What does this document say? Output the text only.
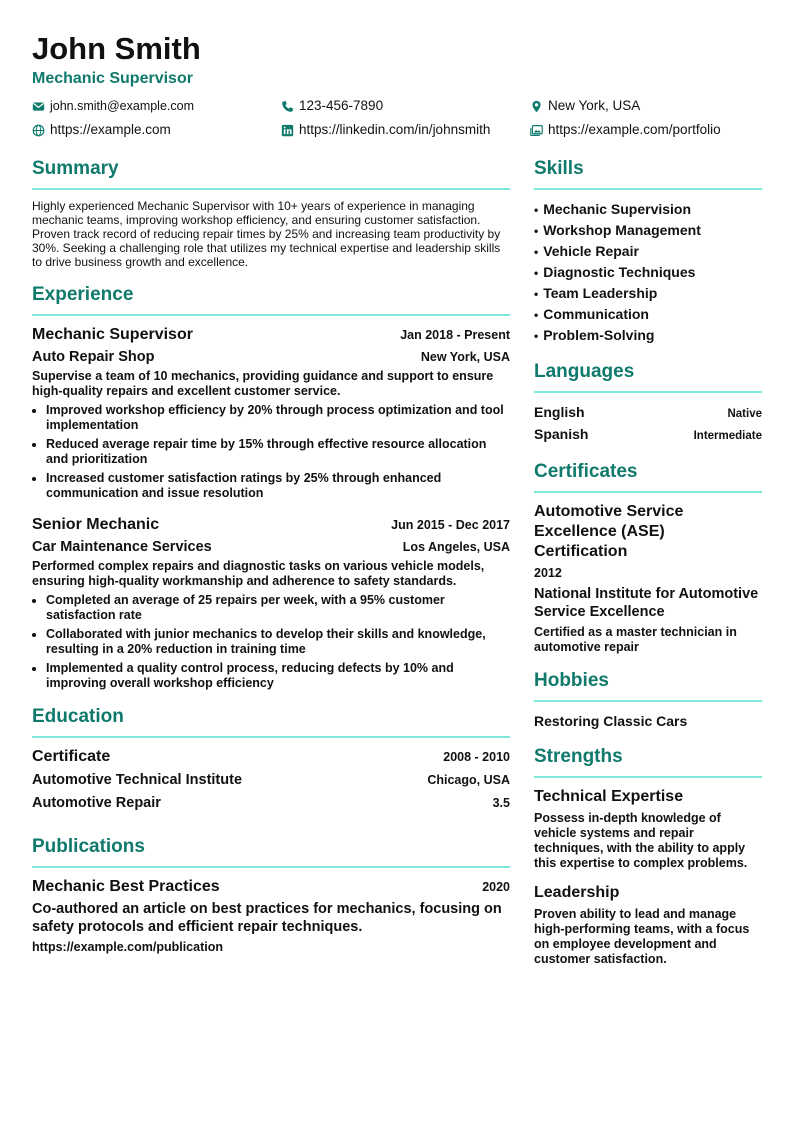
John Smith
Mechanic Supervisor
john.smith@example.com	123-456-7890	New York, USA
https://example.com	https://linkedin.com/in/johnsmith	https://example.com/portfolio
Summary
Highly experienced Mechanic Supervisor with 10+ years of experience in managing mechanic teams, improving workshop efficiency, and ensuring customer satisfaction. Proven track record of reducing repair times by 25% and increasing team productivity by 30%. Seeking a challenging role that utilizes my technical expertise and leadership skills to drive business growth and excellence.
Experience
Mechanic Supervisor	Jan 2018 - Present
Auto Repair Shop	New York, USA
Supervise a team of 10 mechanics, providing guidance and support to ensure high-quality repairs and excellent customer service.
• Improved workshop efficiency by 20% through process optimization and tool implementation
• Reduced average repair time by 15% through effective resource allocation and prioritization
• Increased customer satisfaction ratings by 25% through enhanced communication and issue resolution
Senior Mechanic	Jun 2015 - Dec 2017
Car Maintenance Services	Los Angeles, USA
Performed complex repairs and diagnostic tasks on various vehicle models, ensuring high-quality workmanship and adherence to safety standards.
• Completed an average of 25 repairs per week, with a 95% customer satisfaction rate
• Collaborated with junior mechanics to develop their skills and knowledge, resulting in a 20% reduction in training time
• Implemented a quality control process, reducing defects by 10% and improving overall workshop efficiency
Education
Certificate	2008 - 2010
Automotive Technical Institute	Chicago, USA
Automotive Repair	3.5
Publications
Mechanic Best Practices	2020
Co-authored an article on best practices for mechanics, focusing on safety protocols and efficient repair techniques.
https://example.com/publication
Skills
• Mechanic Supervision
• Workshop Management
• Vehicle Repair
• Diagnostic Techniques
• Team Leadership
• Communication
• Problem-Solving
Languages
English	Native
Spanish	Intermediate
Certificates
Automotive Service Excellence (ASE) Certification
2012
National Institute for Automotive Service Excellence
Certified as a master technician in automotive repair
Hobbies
Restoring Classic Cars
Strengths
Technical Expertise
Possess in-depth knowledge of vehicle systems and repair techniques, with the ability to apply this expertise to complex problems.
Leadership
Proven ability to lead and manage high-performing teams, with a focus on employee development and customer satisfaction.
